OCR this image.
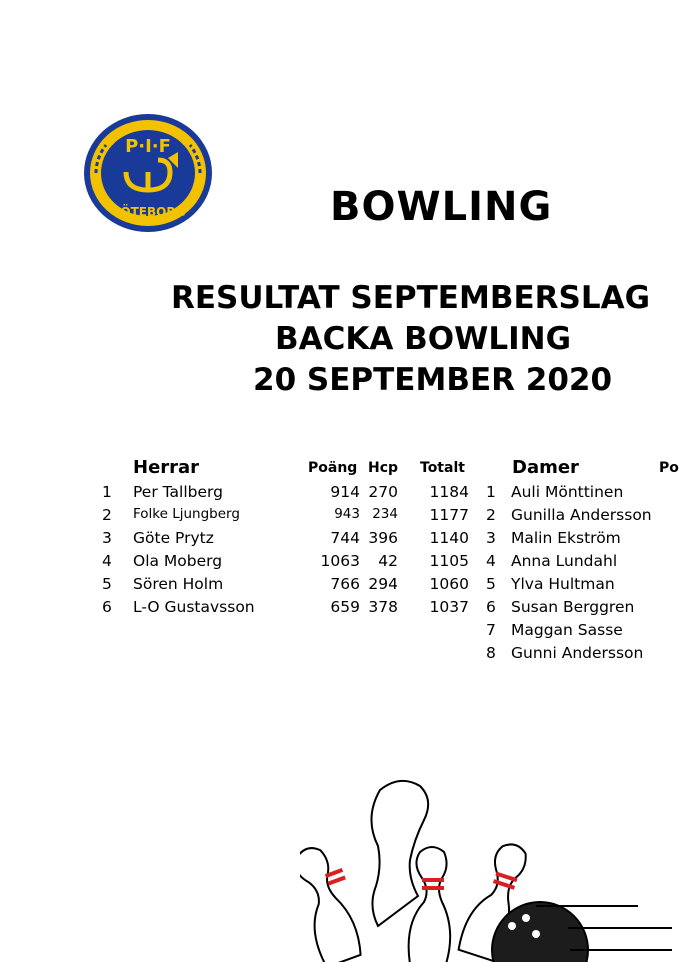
P·I·F
GÖTEBORG	BOWLING
RESULTAT SEPTEMBERSLAG
BACKA BOWLING
20 SEPTEMBER 2020
Herrar	Poäng Hcp Totalt	Damer	Po
1 Per Tallberg	914 270	1184
2	Folke Ljungberg	943 234	1177
3 Göte Prytz	744 396	1140
4 Ola Moberg	1063	42	1105
5 Sören Holm	766 294	1060
6 L-O Gustavsson	659 378	1037
1 Auli Mönttinen
2 Gunilla Andersson
3 Malin Ekström
4 Anna Lundahl
5 Ylva Hultman
6 Susan Berggren
7 Maggan Sasse
8 Gunni Andersson
